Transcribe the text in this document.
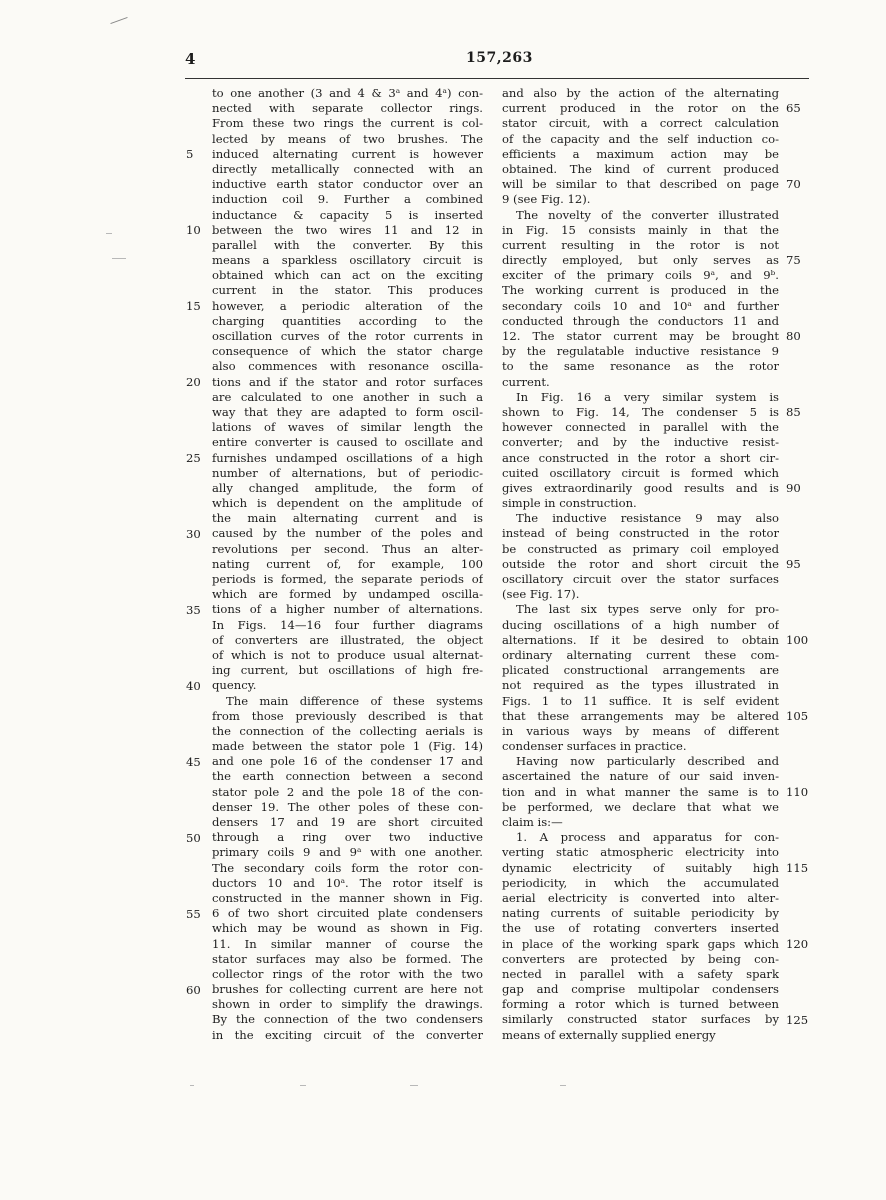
4	157,263
to one another (3 and 4 & 3ᵃ and 4ᵃ) con-
nected with separate collector rings.
From these two rings the current is col-
lected by means of two brushes. The
induced alternating current is however
directly metallically connected with an
inductive earth stator conductor over an
induction coil 9. Further a combined
inductance & capacity 5 is inserted
between the two wires 11 and 12 in
parallel with the converter. By this
means a sparkless oscillatory circuit is
obtained which can act on the exciting
current in the stator. This produces
however, a periodic alteration of the
charging quantities according to the
oscillation curves of the rotor currents in
consequence of which the stator charge
also commences with resonance oscilla-
tions and if the stator and rotor surfaces
are calculated to one another in such a
way that they are adapted to form oscil-
lations of waves of similar length the
entire converter is caused to oscillate and
furnishes undamped oscillations of a high
number of alternations, but of periodic-
ally changed amplitude, the form of
which is dependent on the amplitude of
the main alternating current and is
caused by the number of the poles and
revolutions per second. Thus an alter-
nating current of, for example, 100
periods is formed, the separate periods of
which are formed by undamped oscilla-
tions of a higher number of alternations.
In Figs. 14—16 four further diagrams
of converters are illustrated, the object
of which is not to produce usual alternat-
ing current, but oscillations of high fre-
quency.
The main difference of these systems
from those previously described is that
the connection of the collecting aerials is
made between the stator pole 1 (Fig. 14)
and one pole 16 of the condenser 17 and
the earth connection between a second
stator pole 2 and the pole 18 of the con-
denser 19. The other poles of these con-
densers 17 and 19 are short circuited
through a ring over two inductive
primary coils 9 and 9ᵃ with one another.
The secondary coils form the rotor con-
ductors 10 and 10ᵃ. The rotor itself is
constructed in the manner shown in Fig.
6 of two short circuited plate condensers
which may be wound as shown in Fig.
11. In similar manner of course the
stator surfaces may also be formed. The
collector rings of the rotor with the two
brushes for collecting current are here not
shown in order to simplify the drawings.
By the connection of the two condensers
in the exciting circuit of the converter
and also by the action of the alternating
current produced in the rotor on the
stator circuit, with a correct calculation
of the capacity and the self induction co-
efficients a maximum action may be
obtained. The kind of current produced
will be similar to that described on page
9 (see Fig. 12).
The novelty of the converter illustrated
in Fig. 15 consists mainly in that the
current resulting in the rotor is not
directly employed, but only serves as
exciter of the primary coils 9ᵃ, and 9ᵇ.
The working current is produced in the
secondary coils 10 and 10ᵃ and further
conducted through the conductors 11 and
12. The stator current may be brought
by the regulatable inductive resistance 9
to the same resonance as the rotor
current.
In Fig. 16 a very similar system is
shown to Fig. 14, The condenser 5 is
however connected in parallel with the
converter; and by the inductive resist-
ance constructed in the rotor a short cir-
cuited oscillatory circuit is formed which
gives extraordinarily good results and is
simple in construction.
The inductive resistance 9 may also
instead of being constructed in the rotor
be constructed as primary coil employed
outside the rotor and short circuit the
oscillatory circuit over the stator surfaces
(see Fig. 17).
The last six types serve only for pro-
ducing oscillations of a high number of
alternations. If it be desired to obtain
ordinary alternating current these com-
plicated constructional arrangements are
not required as the types illustrated in
Figs. 1 to 11 suffice. It is self evident
that these arrangements may be altered
in various ways by means of different
condenser surfaces in practice.
Having now particularly described and
ascertained the nature of our said inven-
tion and in what manner the same is to
be performed, we declare that what we
claim is:—
1. A process and apparatus for con-
verting static atmospheric electricity into
dynamic electricity of suitably high
periodicity, in which the accumulated
aerial electricity is converted into alter-
nating currents of suitable periodicity by
the use of rotating converters inserted
in place of the working spark gaps which
converters are protected by being con-
nected in parallel with a safety spark
gap and comprise multipolar condensers
forming a rotor which is turned between
similarly constructed stator surfaces by
means of externally supplied energy
5
10
15
20
25
30
35
40
45
50
55
60
65
70
75
80
85
90
95
100
105
110
115
120
125
